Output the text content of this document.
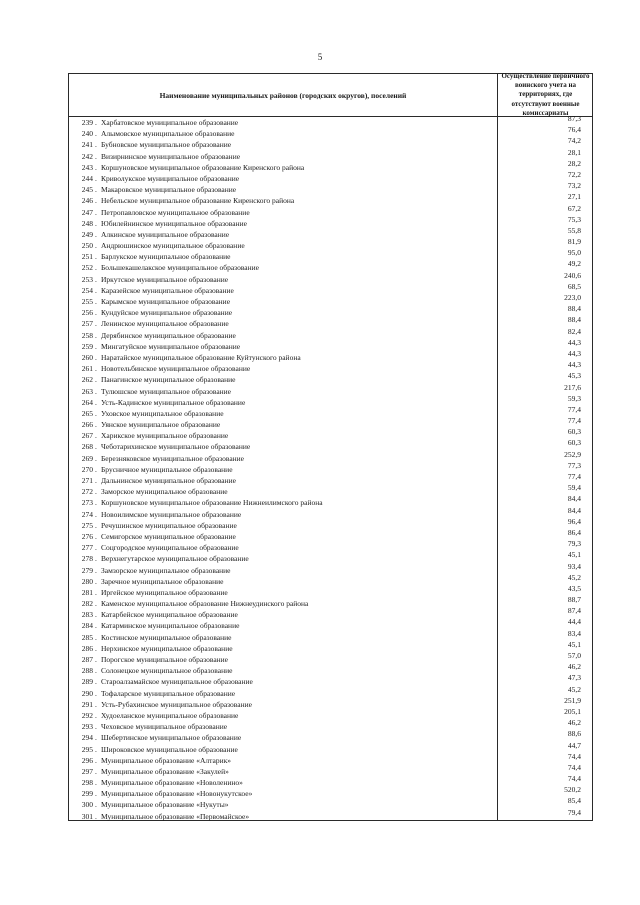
5
Наименование муниципальных районов (городских округов), поселений
Осуществление первичного воинского учета на территориях, где отсутствуют военные комиссариаты
239 . Харбатовское муниципальное образование	87,3
240 . Алымовское муниципальное образование	76,4
241 . Бубновское муниципальное образование	74,2
242 . Визирнинское муниципальное образование	28,1
243 . Коршуновское муниципальное образование Киренского района	28,2
244 . Криволукское муниципальное образование	72,2
245 . Макаровское муниципальное образование	73,2
246 . Небельское муниципальное образование Киренского района	27,1
247 . Петропавловское муниципальное образование	67,2
248 . Юбилейнинское муниципальное образование	75,3
249 . Алкинское муниципальное образование	55,8
250 . Андрюшинское муниципальное образование	81,9
251 . Барлукское муниципальное образование	95,0
252 . Большекашелакское муниципальное образование	49,2
253 . Иркутское муниципальное образование	240,6
254 . Каразейское муниципальное образование	68,5
255 . Карымское муниципальное образование	223,0
256 . Кундуйское муниципальное образование	88,4
257 . Ленинское муниципальное образование	88,4
258 . Дерябинское муниципальное образование	82,4
259 . Мингатуйское муниципальное образование	44,3
260 . Наратайское муниципальное образование Куйтунского района	44,3
261 . Новотельбинское муниципальное образование	44,3
262 . Панагинское муниципальное образование	45,3
263 . Тулюшское муниципальное образование	217,6
264 . Усть-Кадинское муниципальное образование	59,3
265 . Уховское муниципальное образование	77,4
266 . Уянское муниципальное образование	77,4
267 . Харикское муниципальное образование	60,3
268 . Чеботарихинское муниципальное образование	60,3
269 . Березняковское муниципальное образование	252,9
270 . Брусничное муниципальное образование	77,3
271 . Дальнинское муниципальное образование	77,4
272 . Заморское муниципальное образование	59,4
273 . Коршуновское муниципальное образование Нижнеилимского района	84,4
274 . Новоилимское муниципальное образование	84,4
275 . Речушинское муниципальное образование	96,4
276 . Семигорское муниципальное образование	86,4
277 . Соцгородское муниципальное образование	79,3
278 . Верхнегутарское муниципальное образование	45,1
279 . Замзорское муниципальное образование	93,4
280 . Заречное муниципальное образование	45,2
281 . Иргейское муниципальное образование	43,5
282 . Каменское муниципальное образование Нижнеудинского района	88,7
283 . Катарбейское муниципальное образование	87,4
284 . Катарминское муниципальное образование	44,4
285 . Костинское муниципальное образование	83,4
286 . Нерхинское муниципальное образование	45,1
287 . Порогское муниципальное образование	57,0
288 . Солонецкое муниципальное образование	46,2
289 . Староалзамайское муниципальное образование	47,3
290 . Тофаларское муниципальное образование	45,2
291 . Усть-Рубахинское муниципальное образование	251,9
292 . Худоеланское муниципальное образование	205,1
293 . Чеховское муниципальное образование	46,2
294 . Шебертинское муниципальное образование	88,6
295 . Широковское муниципальное образование	44,7
296 . Муниципальное образование «Алтарик»	74,4
297 . Муниципальное образование «Закулей»	74,4
298 . Муниципальное образование «Новоленино»	74,4
299 . Муниципальное образование «Новонукутское»	520,2
300 . Муниципальное образование «Нукуты»	85,4
301 . Муниципальное образование «Первомайское»	79,4
